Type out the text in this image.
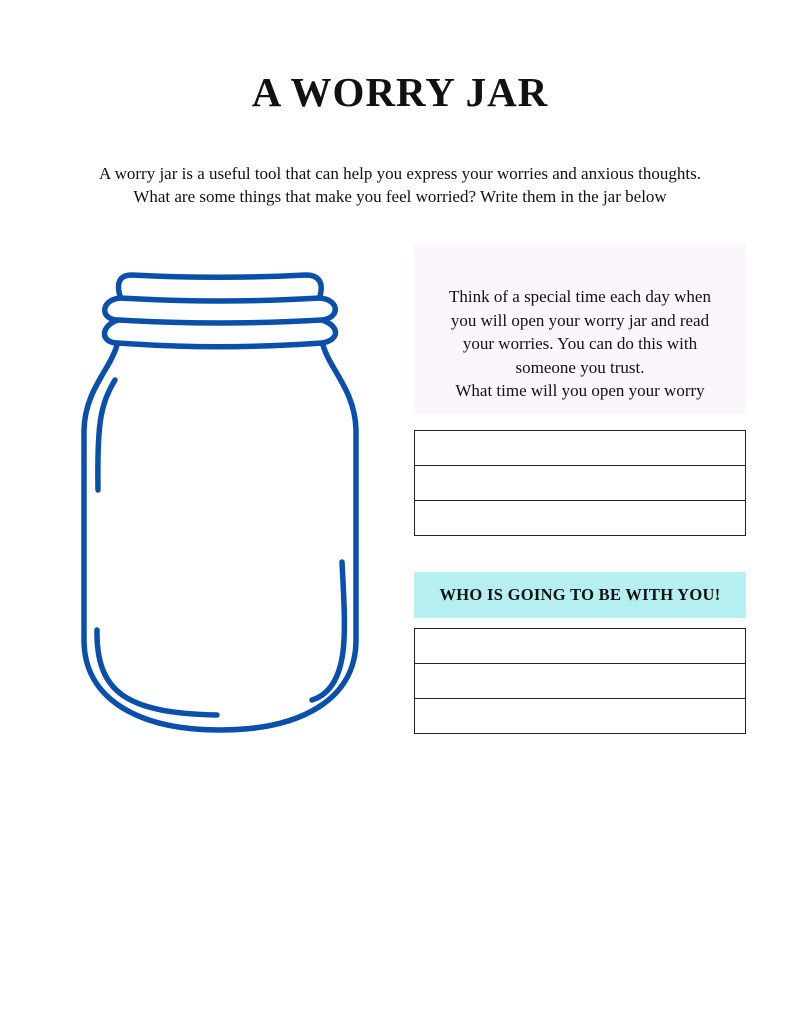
A WORRY JAR
A worry jar is a useful tool that can help you express your worries and anxious thoughts.
What are some things that make you feel worried? Write them in the jar below
Think of a special time each day when
you will open your worry jar and read
your worries. You can do this with
someone you trust.
What time will you open your worry
WHO IS GOING TO BE WITH YOU!
